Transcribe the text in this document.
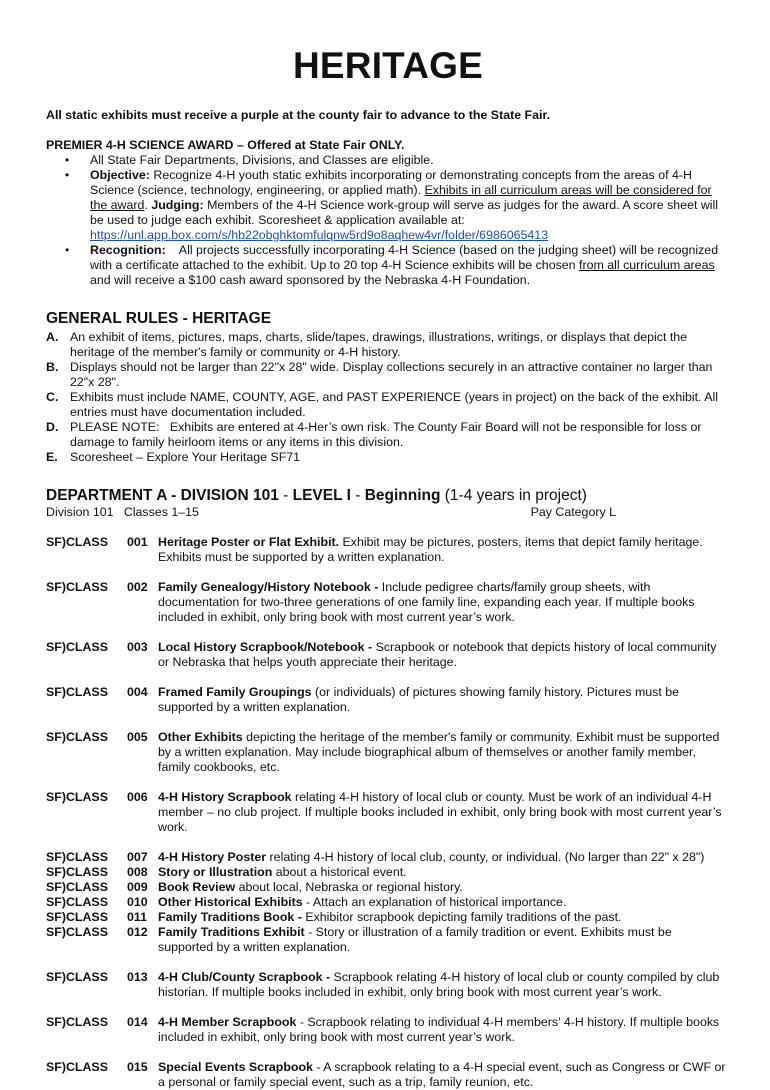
HERITAGE
All static exhibits must receive a purple at the county fair to advance to the State Fair.
PREMIER 4-H SCIENCE AWARD – Offered at State Fair ONLY.
• All State Fair Departments, Divisions, and Classes are eligible.
• Objective: Recognize 4-H youth static exhibits incorporating or demonstrating concepts from the areas of 4-H Science (science, technology, engineering, or applied math). Exhibits in all curriculum areas will be considered for the award. Judging: Members of the 4-H Science work-group will serve as judges for the award. A score sheet will be used to judge each exhibit. Scoresheet & application available at:
https://unl.app.box.com/s/hb22obghktomfulqnw5rd9o8aqhew4vr/folder/6986065413
• Recognition:    All projects successfully incorporating 4-H Science (based on the judging sheet) will be recognized with a certificate attached to the exhibit. Up to 20 top 4-H Science exhibits will be chosen from all curriculum areas and will receive a $100 cash award sponsored by the Nebraska 4-H Foundation.
GENERAL RULES - HERITAGE
A. An exhibit of items, pictures, maps, charts, slide/tapes, drawings, illustrations, writings, or displays that depict the heritage of the member's family or community or 4-H history.
B. Displays should not be larger than 22"x 28" wide. Display collections securely in an attractive container no larger than 22"x 28".
C. Exhibits must include NAME, COUNTY, AGE, and PAST EXPERIENCE (years in project) on the back of the exhibit. All entries must have documentation included.
D. PLEASE NOTE:   Exhibits are entered at 4-Her’s own risk. The County Fair Board will not be responsible for loss or damage to family heirloom items or any items in this division.
E. Scoresheet – Explore Your Heritage SF71
DEPARTMENT A - DIVISION 101 - LEVEL I - Beginning (1-4 years in project)
Division 101   Classes 1–15	Pay Category L
SF)CLASS	001 Heritage Poster or Flat Exhibit. Exhibit may be pictures, posters, items that depict family heritage. Exhibits must be supported by a written explanation.
SF)CLASS	002 Family Genealogy/History Notebook - Include pedigree charts/family group sheets, with documentation for two-three generations of one family line, expanding each year. If multiple books included in exhibit, only bring book with most current year’s work.
SF)CLASS	003 Local History Scrapbook/Notebook - Scrapbook or notebook that depicts history of local community or Nebraska that helps youth appreciate their heritage.
SF)CLASS	004 Framed Family Groupings (or individuals) of pictures showing family history. Pictures must be supported by a written explanation.
SF)CLASS	005 Other Exhibits depicting the heritage of the member's family or community. Exhibit must be supported by a written explanation. May include biographical album of themselves or another family member, family cookbooks, etc.
SF)CLASS	006 4-H History Scrapbook relating 4-H history of local club or county. Must be work of an individual 4-H member – no club project. If multiple books included in exhibit, only bring book with most current year’s work.
SF)CLASS	007 4-H History Poster relating 4-H history of local club, county, or individual. (No larger than 22" x 28")
SF)CLASS	008 Story or Illustration about a historical event.
SF)CLASS	009 Book Review about local, Nebraska or regional history.
SF)CLASS	010 Other Historical Exhibits - Attach an explanation of historical importance.
SF)CLASS	011 Family Traditions Book - Exhibitor scrapbook depicting family traditions of the past.
SF)CLASS	012 Family Traditions Exhibit - Story or illustration of a family tradition or event. Exhibits must be supported by a written explanation.
SF)CLASS	013 4-H Club/County Scrapbook - Scrapbook relating 4-H history of local club or county compiled by club historian. If multiple books included in exhibit, only bring book with most current year’s work.
SF)CLASS	014 4-H Member Scrapbook - Scrapbook relating to individual 4-H members’ 4-H history. If multiple books included in exhibit, only bring book with most current year’s work.
SF)CLASS	015 Special Events Scrapbook - A scrapbook relating to a 4-H special event, such as Congress or CWF or a personal or family special event, such as a trip, family reunion, etc.
